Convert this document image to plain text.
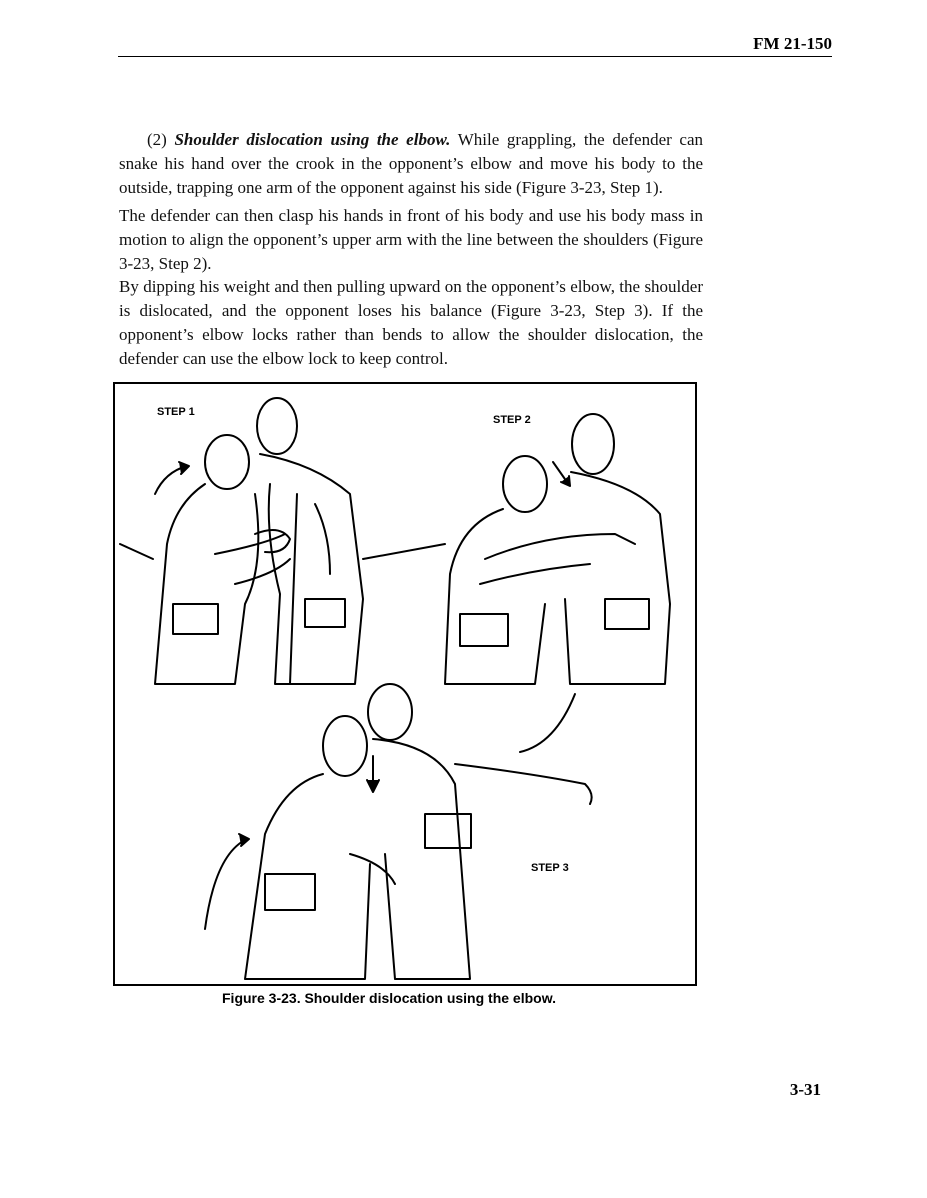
FM 21-150

(2) Shoulder dislocation using the elbow. While grappling, the defender can snake his hand over the crook in the opponent’s elbow and move his body to the outside, trapping one arm of the opponent against his side (Figure 3-23, Step 1).

The defender can then clasp his hands in front of his body and use his body mass in motion to align the opponent’s upper arm with the line between the shoulders (Figure 3-23, Step 2).

By dipping his weight and then pulling upward on the opponent’s elbow, the shoulder is dislocated, and the opponent loses his balance (Figure 3-23, Step 3). If the opponent’s elbow locks rather than bends to allow the shoulder dislocation, the defender can use the elbow lock to keep control.

STEP 1
STEP 2
STEP 3
Figure 3-23. Shoulder dislocation using the elbow.
3-31
